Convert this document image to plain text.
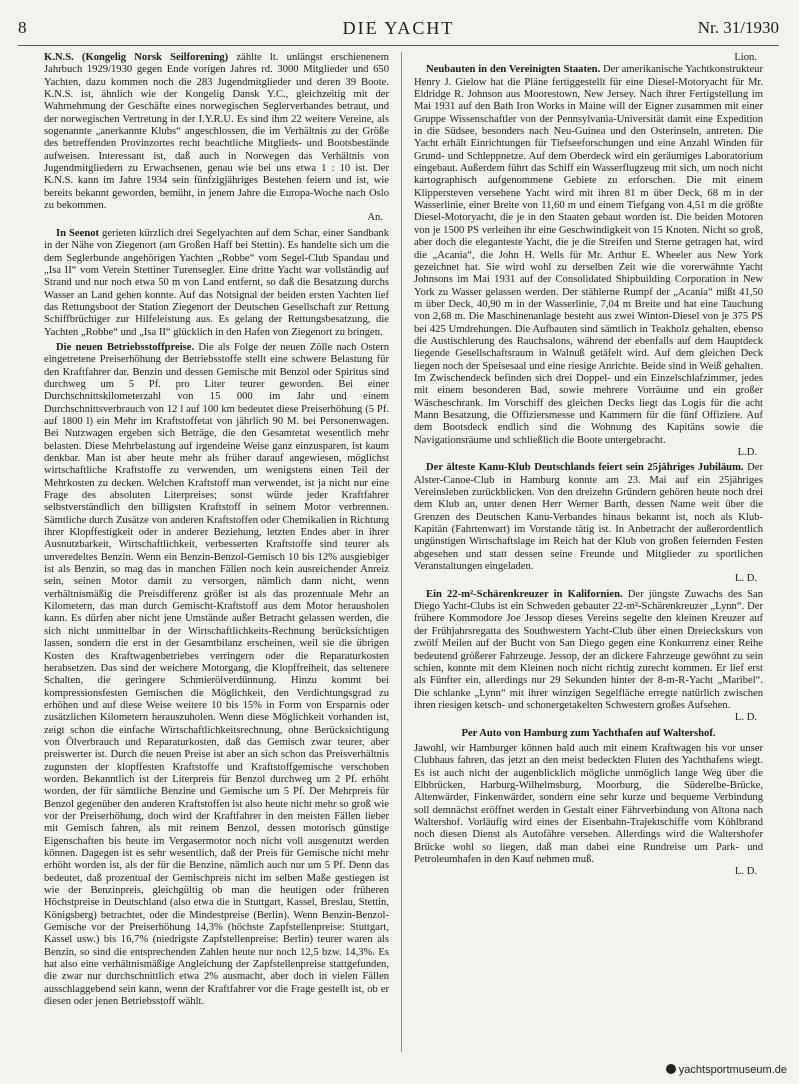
8	DIE YACHT	Nr. 31/1930

K.N.S. (Kongelig Norsk Seilforening) zählte lt. unlängst erschienenem Jahrbuch 1929/1930 gegen Ende vorigen Jahres rd. 3000 Mitglieder und 650 Yachten, dazu kommen noch die 283 Jugendmitglieder und deren 39 Boote. K.N.S. ist, ähnlich wie der Kongelig Dansk Y.C., gleichzeitig mit der Wahrnehmung der Geschäfte eines norwegischen Seglerverbandes betraut, und der norwegischen Vertretung in der I.Y.R.U. Es sind ihm 22 weitere Vereine, als sogenannte „anerkannte Klubs“ angeschlossen, die im Verhältnis zu der Größe des betreffenden Provinzortes recht beachtliche Mitglieds- und Bootsbestände aufweisen. Interessant ist, daß auch in Norwegen das Verhältnis von Jugendmitgliedern zu Erwachsenen, genau wie bei uns etwa 1 : 10 ist. Der K.N.S. kann im Jahre 1934 sein fünfzigjähriges Bestehen feiern und ist, wie bereits bekannt geworden, bemüht, in jenem Jahre die Europa-Woche nach Oslo zu bekommen.
An.

In Seenot gerieten kürzlich drei Segelyachten auf dem Schar, einer Sandbank in der Nähe von Ziegenort (am Großen Haff bei Stettin). Es handelte sich um die dem Seglerbunde angehörigen Yachten „Robbe“ vom Segel-Club Spandau und „Isa II“ vom Verein Stettiner Turensegler. Eine dritte Yacht war vollständig auf Strand und nur noch etwa 50 m von Land entfernt, so daß die Besatzung durchs Wasser an Land gehen konnte. Auf das Notsignal der beiden ersten Yachten lief das Rettungsboot der Station Ziegenort der Deutschen Gesellschaft zur Rettung Schiffbrüchiger zur Hilfeleistung aus. Es gelang der Rettungsbesatzung, die Yachten „Robbe“ und „Isa II“ glücklich in den Hafen von Ziegenort zu bringen.

Die neuen Betriebsstoffpreise. Die als Folge der neuen Zölle nach Ostern eingetretene Preiserhöhung der Betriebsstoffe stellt eine schwere Belastung für den Kraftfahrer dar. Benzin und dessen Gemische mit Benzol oder Spiritus sind durchweg um 5 Pf. pro Liter teurer geworden. Bei einer Durchschnittskilometerzahl von 15 000 im Jahr und einem Durchschnittsverbrauch von 12 l auf 100 km bedeutet diese Preiserhöhung (5 Pf. auf 1800 l) ein Mehr im Kraftstoffetat von jährlich 90 M. bei Personenwagen. Bei Nutzwagen ergeben sich Beträge, die den Gesamtetat wesentlich mehr belasten. Diese Mehrbelastung auf irgendeine Weise ganz einzusparen, ist kaum denkbar. Man ist aber heute mehr als früher darauf angewiesen, möglichst wirtschaftliche Kraftstoffe zu verwenden, um wenigstens einen Teil der Mehrkosten zu decken. Welchen Kraftstoff man verwendet, ist ja nicht nur eine Frage des absoluten Literpreises; sonst würde jeder Kraftfahrer selbstverständlich den billigsten Kraftstoff in seinem Motor verbrennen. Sämtliche durch Zusätze von anderen Kraftstoffen oder Chemikalien in Richtung ihrer Klopffestigkeit oder in anderer Beziehung, letzten Endes aber in ihrer Ausnutzbarkeit, Wirtschaftlichkeit, verbesserten Kraftstoffe sind teurer als unveredeltes Benzin. Wenn ein Benzin-Benzol-Gemisch 10 bis 12% ausgiebiger ist als Benzin, so mag das in manchen Fällen noch kein ausreichender Anreiz sein, seinen Motor damit zu versorgen, nämlich dann nicht, wenn verhältnismäßig die Preisdifferenz größer ist als das prozentuale Mehr an Kilometern, das man durch Gemischt-Kraftstoff aus dem Motor herausholen kann. Es dürfen aber nicht jene Umstände außer Betracht gelassen werden, die sich nicht unmittelbar in der Wirtschaftlichkeits-Rechnung berücksichtigen lassen, sondern die erst in der Gesamtbilanz erscheinen, weil sie die übrigen Kosten des Kraftwagenbetriebes verringern oder die Reparaturkosten herabsetzen. Das sind der weichere Motorgang, die Klopffreiheit, das seltenere Schalten, die geringere Schmierölverdünnung. Hinzu kommt bei kompressionsfesten Gemischen die Möglichkeit, den Verdichtungsgrad zu erhöhen und auf diese Weise weitere 10 bis 15% in Form von Ersparnis oder zusätzlichen Kilometern herauszuholen. Wenn diese Möglichkeit vorhanden ist, zeigt schon die einfache Wirtschaftlichkeitsrechnung, ohne Berücksichtigung von Ölverbrauch und Reparaturkosten, daß das Gemisch zwar teurer, aber preiswerter ist. Durch die neuen Preise ist aber an sich schon das Preisverhältnis zugunsten der klopffesten Kraftstoffe und Kraftstoffgemische verschoben worden. Bekanntlich ist der Literpreis für Benzol durchweg um 2 Pf. erhöht worden, der für sämtliche Benzine und Gemische um 5 Pf. Der Mehrpreis für Benzol gegenüber den anderen Kraftstoffen ist also heute nicht mehr so groß wie vor der Preiserhöhung, doch wird der Kraftfahrer in den meisten Fällen lieber mit Gemisch fahren, als mit reinem Benzol, dessen motorisch günstige Eigenschaften bis heute im Vergasermotor noch nicht voll ausgenutzt werden können. Dagegen ist es sehr wesentlich, daß der Preis für Gemische nicht mehr erhöht worden ist, als der für die Benzine, nämlich auch nur um 5 Pf. Denn das bedeutet, daß prozentual der Gemischpreis nicht im selben Maße gestiegen ist wie der Benzinpreis, gleichgültig ob man die heutigen oder früheren Höchstpreise in Deutschland (also etwa die in Stuttgart, Kassel, Breslau, Stettin, Königsberg) betrachtet, oder die Mindestpreise (Berlin). Wenn Benzin-Benzol-Gemische vor der Preiserhöhung 14,3% (höchste Zapfstellenpreise: Stuttgart, Kassel usw.) bis 16,7% (niedrigste Zapfstellenpreise: Berlin) teurer waren als Benzin, so sind die entsprechenden Zahlen heute nur noch 12,5 bzw. 14,3%. Es hat also eine verhältnismäßige Angleichung der Zapfstellenpreise stattgefunden, die zwar nur durchschnittlich etwa 2% ausmacht, aber doch in vielen Fällen ausschlaggebend sein kann, wenn der Kraftfahrer vor die Frage gestellt ist, ob er diesen oder jenen Betriebsstoff wählt.

Lion.

Neubauten in den Vereinigten Staaten. Der amerikanische Yachtkonstrukteur Henry J. Gielow hat die Pläne fertiggestellt für eine Diesel-Motoryacht für Mr. Eldridge R. Johnson aus Moorestown, New Jersey. Nach ihrer Fertigstellung im Mai 1931 auf den Bath Iron Works in Maine will der Eigner zusammen mit einer Gruppe Wissenschaftler von der Pennsylvania-Universität damit eine Expedition in die Südsee, besonders nach Neu-Guinea und den Osterinseln, antreten. Die Yacht erhält Einrichtungen für Tiefseeforschungen und eine Anzahl Winden für Grund- und Schleppnetze. Auf dem Oberdeck wird ein geräumiges Laboratorium eingebaut. Außerdem führt das Schiff ein Wasserflugzeug mit sich, um noch nicht kartographisch aufgenommene Gebiete zu erforschen. Die mit einem Klippersteven versehene Yacht wird mit ihren 81 m über Deck, 68 m in der Wasserlinie, einer Breite von 11,60 m und einem Tiefgang von 4,51 m die größte Diesel-Motoryacht, die je in den Staaten gebaut worden ist. Die beiden Motoren von je 1500 PS verleihen ihr eine Geschwindigkeit von 15 Knoten. Nicht so groß, aber doch die eleganteste Yacht, die je die Streifen und Sterne getragen hat, wird die „Acania“, die John H. Wells für Mr. Arthur E. Wheeler aus New York gezeichnet hat. Sie wird wohl zu derselben Zeit wie die vorerwähnte Yacht Johnsons im Mai 1931 auf der Consolidated Shipbuilding Corporation in New York zu Wasser gelassen werden. Der stählerne Rumpf der „Acania“ mißt 41,50 m über Deck, 40,90 m in der Wasserlinie, 7,04 m Breite und hat eine Tauchung von 2,68 m. Die Maschinenanlage besteht aus zwei Winton-Diesel von je 375 PS bei 425 Umdrehungen. Die Aufbauten sind sämtlich in Teakholz gehalten, ebenso die Austischlerung des Rauchsalons, während der ebenfalls auf dem Hauptdeck liegende Gesellschaftsraum in Walnuß getäfelt wird. Auf dem gleichen Deck liegen noch der Speisesaal und eine riesige Anrichte. Beide sind in Weiß gehalten. Im Zwischendeck befinden sich drei Doppel- und ein Einzelschlafzimmer, jedes mit einem besonderen Bad, sowie mehrere Vorräume und ein großer Wäscheschrank. Im Vorschiff des gleichen Decks liegt das Logis für die acht Mann Besatzung, die Offiziersmesse und Kammern für die fünf Offiziere. Auf dem Bootsdeck endlich sind die Wohnung des Kapitäns sowie die Navigationsräume und schließlich die Boote untergebracht.
L.D.

Der älteste Kanu-Klub Deutschlands feiert sein 25jähriges Jubiläum. Der Alster-Canoe-Club in Hamburg konnte am 23. Mai auf ein 25jähriges Vereinsleben zurückblicken. Von den dreizehn Gründern gehören heute noch drei dem Klub an, unter denen Herr Werner Barth, dessen Name weit über die Grenzen des Deutschen Kanu-Verbandes hinaus bekannt ist, noch als Klub-Kapitän (Fahrtenwart) im Vorstande tätig ist. In Anbetracht der außerordentlich ungünstigen Wirtschaftslage im Reich hat der Klub von großen feiernden Festen abgesehen und statt dessen seine Freunde und Mitglieder zu sportlichen Veranstaltungen eingeladen.
L. D.

Ein 22-m²-Schärenkreuzer in Kalifornien. Der jüngste Zuwachs des San Diego Yacht-Clubs ist ein Schweden gebauter 22-m²-Schärenkreuzer „Lynn“. Der frühere Kommodore Joe Jessop dieses Vereins segelte den kleinen Kreuzer auf der Frühjahrsregatta des Southwestern Yacht-Club über einen Dreieckskurs von zwölf Meilen auf der Bucht von San Diego gegen eine Konkurrenz einer Reihe bedeutend größerer Fahrzeuge. Jessop, der an dickere Fahrzeuge gewöhnt zu sein schien, konnte mit dem Kleinen noch nicht richtig zurecht kommen. Er lief erst als Fünfter ein, allerdings nur 29 Sekunden hinter der 8-m-R-Yacht „Maribel“. Die schlanke „Lynn“ mit ihrer winzigen Segelfläche erregte natürlich zwischen ihren riesigen ketsch- und schonergetakelten Schwestern großes Aufsehen.
L. D.

Per Auto von Hamburg zum Yachthafen auf Waltershof.

Jawohl, wir Hamburger können bald auch mit einem Kraftwagen bis vor unser Clubhaus fahren, das jetzt an den meist bedeckten Fluten des Yachthafens wiegt. Es ist auch nicht der augenblicklich mögliche unmöglich lange Weg über die Elbbrücken, Harburg-Wilhelmsburg, Moorburg, die Süderelbe-Brücke, Altenwärder, Finkenwärder, sondern eine sehr kurze und bequeme Verbindung soll demnächst eröffnet werden in Gestalt einer Fährverbindung von Altona nach Waltershof. Vorläufig wird eines der Eisenbahn-Trajektschiffe vom Köhlbrand noch diesen Dienst als Autofähre versehen. Allerdings wird die Waltershofer Brücke wohl so liegen, daß man dabei eine Rundreise um Park- und Petroleumhafen in den Kauf nehmen muß.
L. D.

yachtsportmuseum.de
